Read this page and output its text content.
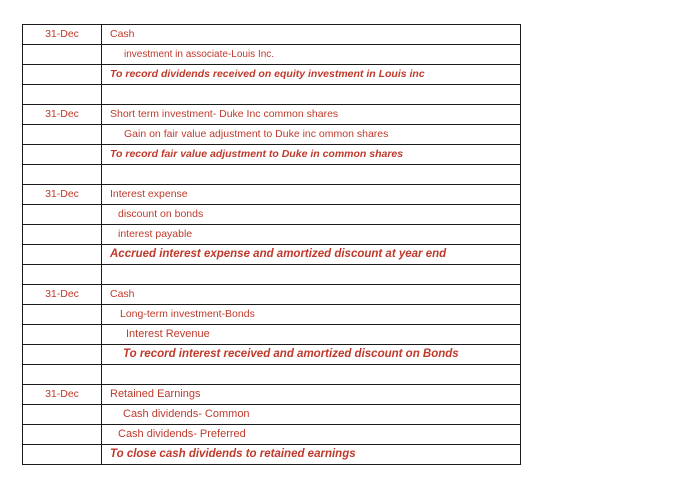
31-Dec	Cash
	investment in associate-Louis Inc.
	To record dividends received on equity investment in Louis inc

31-Dec	Short term investment- Duke Inc common shares
	Gain on fair value adjustment to Duke inc ommon shares
	To record fair value adjustment to Duke in common shares

31-Dec	Interest expense
	discount on bonds
	interest payable
	Accrued interest expense and amortized discount at year end

31-Dec	Cash
	Long-term investment-Bonds
	Interest Revenue
	To record interest received and amortized discount on Bonds

31-Dec	Retained Earnings
	Cash dividends- Common
	Cash dividends- Preferred
	To close cash dividends to retained earnings
